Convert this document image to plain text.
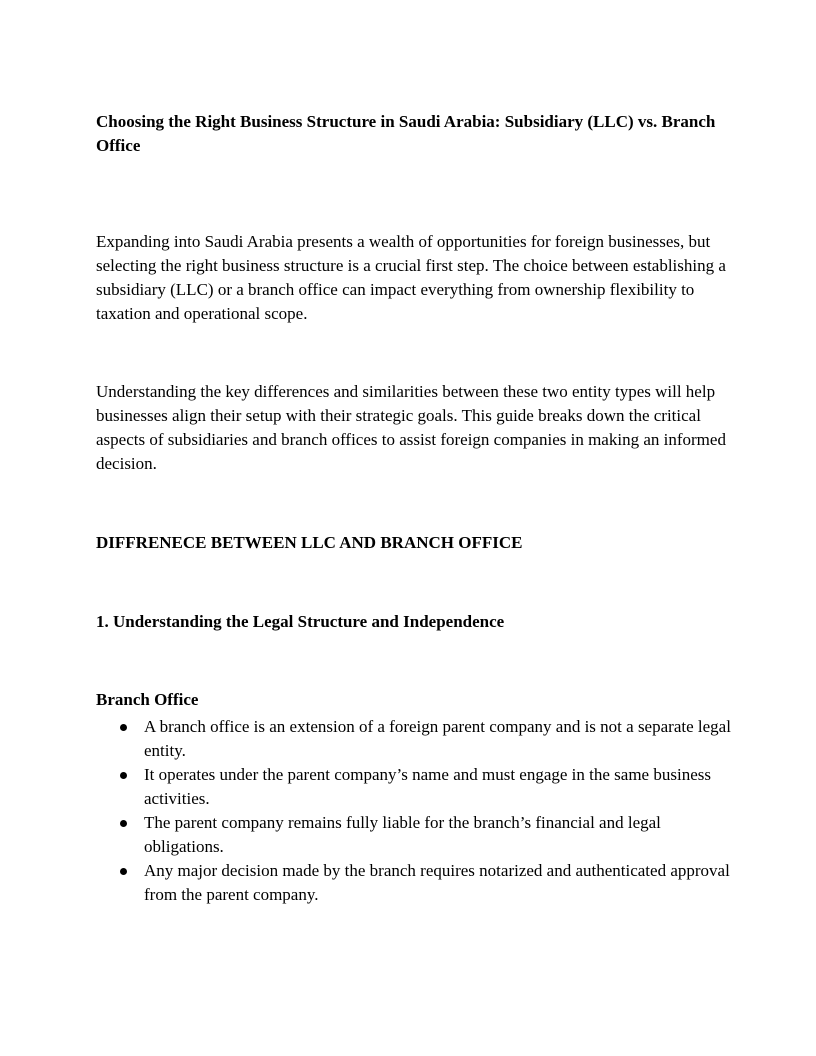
Choosing the Right Business Structure in Saudi Arabia: Subsidiary (LLC) vs. Branch Office

Expanding into Saudi Arabia presents a wealth of opportunities for foreign businesses, but selecting the right business structure is a crucial first step. The choice between establishing a subsidiary (LLC) or a branch office can impact everything from ownership flexibility to taxation and operational scope.

Understanding the key differences and similarities between these two entity types will help businesses align their setup with their strategic goals. This guide breaks down the critical aspects of subsidiaries and branch offices to assist foreign companies in making an informed decision.

DIFFRENECE BETWEEN LLC AND BRANCH OFFICE

1. Understanding the Legal Structure and Independence

Branch Office

A branch office is an extension of a foreign parent company and is not a separate legal entity.
It operates under the parent company’s name and must engage in the same business activities.
The parent company remains fully liable for the branch’s financial and legal obligations.
Any major decision made by the branch requires notarized and authenticated approval from the parent company.
